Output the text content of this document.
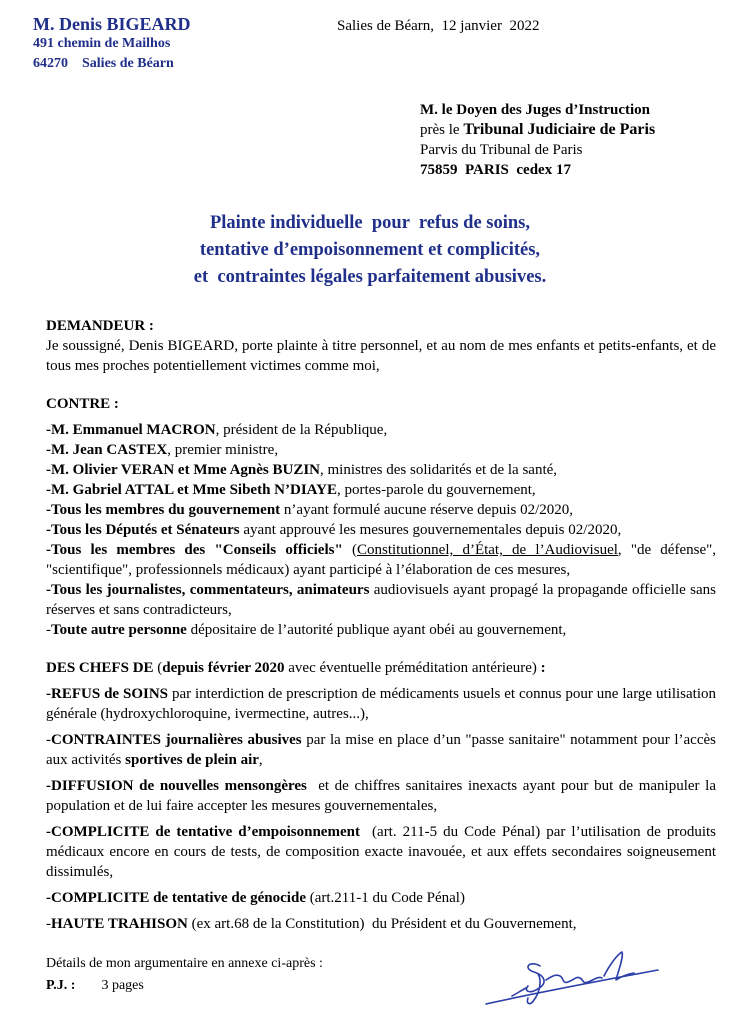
M. Denis BIGEARD
491 chemin de Mailhos
64270    Salies de Béarn
Salies de Béarn,  12 janvier  2022
M. le Doyen des Juges d’Instruction
près le Tribunal Judiciaire de Paris
Parvis du Tribunal de Paris
75859  PARIS  cedex 17
Plainte individuelle  pour  refus de soins,
tentative d’empoisonnement et complicités,
et  contraintes légales parfaitement abusives.
DEMANDEUR :
Je soussigné, Denis BIGEARD, porte plainte à titre personnel, et au nom de mes enfants et petits-enfants, et de tous mes proches potentiellement victimes comme moi,
CONTRE :
-M. Emmanuel MACRON, président de la République,
-M. Jean CASTEX, premier ministre,
-M. Olivier VERAN et Mme Agnès BUZIN, ministres des solidarités et de la santé,
-M. Gabriel ATTAL et Mme Sibeth N’DIAYE, portes-parole du gouvernement,
-Tous les membres du gouvernement n’ayant formulé aucune réserve depuis 02/2020,
-Tous les Députés et Sénateurs ayant approuvé les mesures gouvernementales depuis 02/2020,
-Tous les membres des "Conseils officiels" (Constitutionnel, d’État, de l’Audiovisuel, "de défense", "scientifique", professionnels médicaux) ayant participé à l’élaboration de ces mesures,
-Tous les journalistes, commentateurs, animateurs audiovisuels ayant propagé la propagande officielle sans réserves et sans contradicteurs,
-Toute autre personne dépositaire de l’autorité publique ayant obéi au gouvernement,
DES CHEFS DE (depuis février 2020 avec éventuelle préméditation antérieure) :
-REFUS de SOINS par interdiction de prescription de médicaments usuels et connus pour une large utilisation générale (hydroxychloroquine, ivermectine, autres...),
-CONTRAINTES journalières abusives par la mise en place d’un "passe sanitaire" notamment pour l’accès aux activités sportives de plein air,
-DIFFUSION de nouvelles mensongères  et de chiffres sanitaires inexacts ayant pour but de manipuler la population et de lui faire accepter les mesures gouvernementales,
-COMPLICITE de tentative d’empoisonnement  (art. 211-5 du Code Pénal) par l’utilisation de produits médicaux encore en cours de tests, de composition exacte inavouée, et aux effets secondaires soigneusement dissimulés,
-COMPLICITE de tentative de génocide (art.211-1 du Code Pénal)
-HAUTE TRAHISON (ex art.68 de la Constitution)  du Président et du Gouvernement,
Détails de mon argumentaire en annexe ci-après :
P.J. : 3 pages
